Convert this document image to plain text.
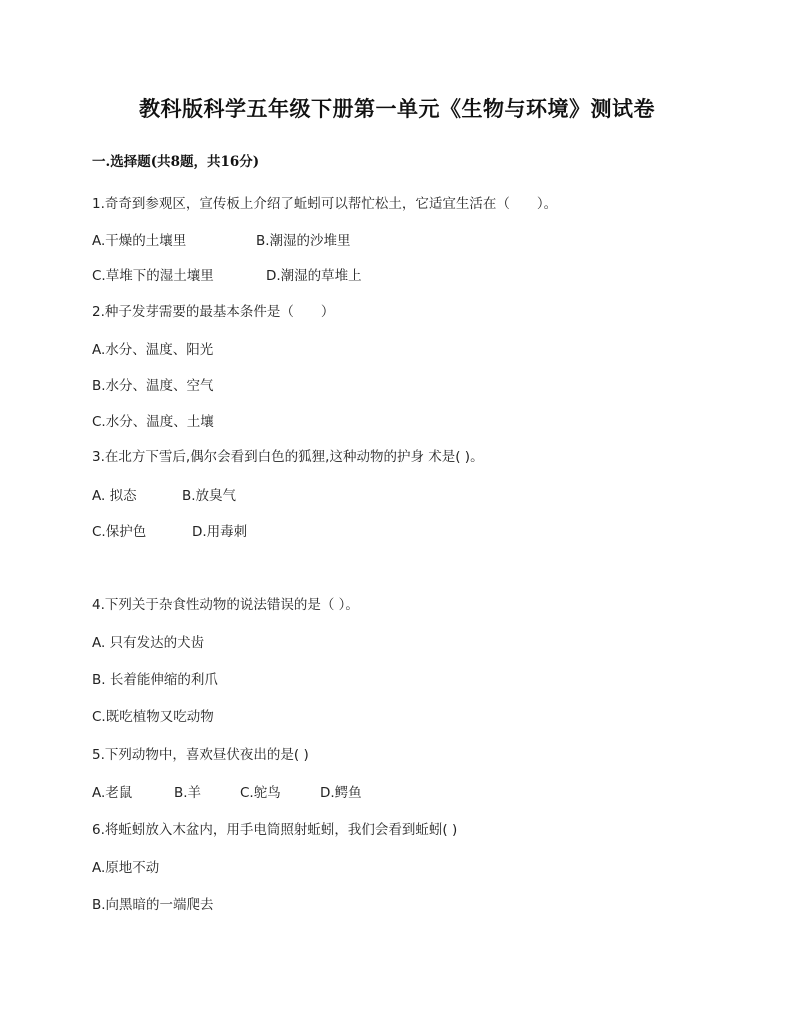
教科版科学五年级下册第一单元《生物与环境》测试卷
一.选择题(共8题，共16分)
1.奇奇到参观区，宣传板上介绍了蚯蚓可以帮忙松土，它适宜生活在（　　）。
A.干燥的土壤里	B.潮湿的沙堆里
C.草堆下的湿土壤里	D.潮湿的草堆上
2.种子发芽需要的最基本条件是（　　）
A.水分、温度、阳光
B.水分、温度、空气
C.水分、温度、土壤
3.在北方下雪后,偶尔会看到白色的狐狸,这种动物的护身 术是( )。
A. 拟态	B.放臭气
C.保护色	D.用毒刺
4.下列关于杂食性动物的说法错误的是（ ）。
A. 只有发达的犬齿
B. 长着能伸缩的利爪
C.既吃植物又吃动物
5.下列动物中，喜欢昼伏夜出的是( )
A.老鼠	B.羊	C.鸵鸟	D.鳄鱼
6.将蚯蚓放入木盆内，用手电筒照射蚯蚓，我们会看到蚯蚓( )
A.原地不动
B.向黑暗的一端爬去
